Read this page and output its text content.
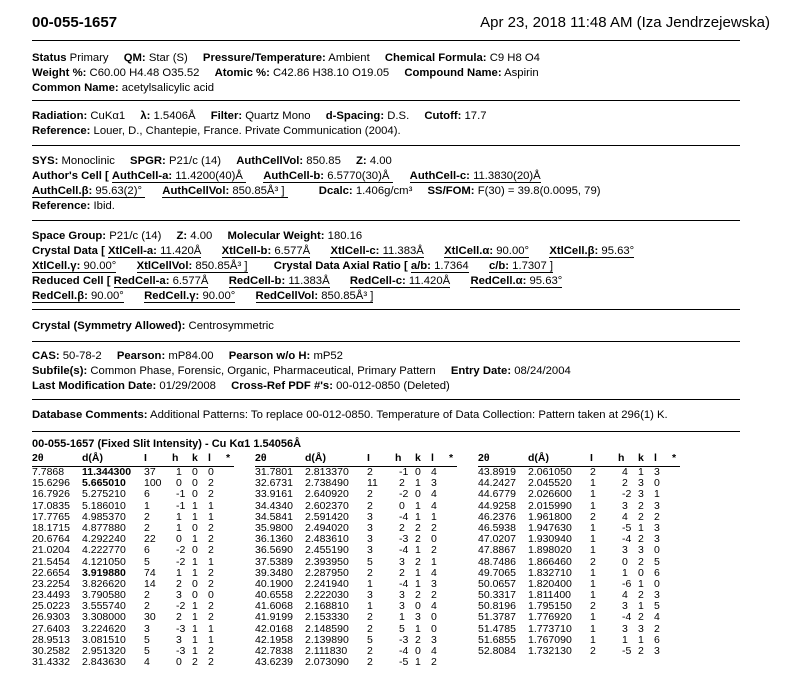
00-055-1657	Apr 23, 2018 11:48 AM (Iza Jendrzejewska)
Status Primary QM: Star (S) Pressure/Temperature: Ambient Chemical Formula: C9 H8 O4
Weight %: C60.00 H4.48 O35.52 Atomic %: C42.86 H38.10 O19.05 Compound Name: Aspirin
Common Name: acetylsalicylic acid
Radiation: CuKα1 λ: 1.5406Å Filter: Quartz Mono d-Spacing: D.S. Cutoff: 17.7
Reference: Louer, D., Chantepie, France. Private Communication (2004).
SYS: Monoclinic SPGR: P21/c (14) AuthCellVol: 850.85 Z: 4.00
Author's Cell [ AuthCell-a: 11.4200(40)Å AuthCell-b: 6.5770(30)Å AuthCell-c: 11.3830(20)Å
AuthCell.β: 95.63(2)° AuthCellVol: 850.85Å³ ]	Dcalc: 1.406g/cm³ SS/FOM: F(30) = 39.8(0.0095, 79)
Reference: Ibid.
Space Group: P21/c (14) Z: 4.00 Molecular Weight: 180.16
Crystal Data [ XtlCell-a: 11.420Å XtlCell-b: 6.577Å XtlCell-c: 11.383Å XtlCell.α: 90.00° XtlCell.β: 95.63°
XtlCell.γ: 90.00° XtlCellVol: 850.85Å³ ] Crystal Data Axial Ratio [ a/b: 1.7364 c/b: 1.7307 ]
Reduced Cell [ RedCell-a: 6.577Å RedCell-b: 11.383Å RedCell-c: 11.420Å RedCell.α: 95.63°
RedCell.β: 90.00° RedCell.γ: 90.00° RedCellVol: 850.85Å³ ]
Crystal (Symmetry Allowed): Centrosymmetric
CAS: 50-78-2 Pearson: mP84.00 Pearson w/o H: mP52
Subfile(s): Common Phase, Forensic, Organic, Pharmaceutical, Primary Pattern Entry Date: 08/24/2004
Last Modification Date: 01/29/2008 Cross-Ref PDF #'s: 00-012-0850 (Deleted)
Database Comments: Additional Patterns: To replace 00-012-0850. Temperature of Data Collection: Pattern taken at 296(1) K.
00-055-1657 (Fixed Slit Intensity) - Cu Kα1 1.54056Å
2θ	d(Å)	I h k l *
7.7868 11.344300 37 1 0 0
15.6296 5.665010 100 0 0 2
16.7926 5.275210 6 -1 0 2
17.0835 5.186010 1 -1 1 1
17.7765 4.985370 2 1 1 1
18.1715 4.877880 2 1 0 2
20.6764 4.292240 22 0 1 2
21.0204 4.222770 6 -2 0 2
21.5454 4.121050 5 -2 1 1
22.6654 3.919880 74 1 1 2
23.2254 3.826620 14 2 0 2
23.4493 3.790580 2 3 0 0
25.0223 3.555740 2 -2 1 2
26.9303 3.308000 30 2 1 2
27.6403 3.224620 3 -3 1 1
28.9513 3.081510 5 3 1 1
30.2582 2.951320 5 -3 1 2
31.4332 2.843630 4 0 2 2
2θ	d(Å)	I h k l *
31.7801 2.813370 2 -1 0 4
32.6731 2.738490 11 2 1 3
33.9161 2.640920 2 -2 0 4
34.4340 2.602370 2 0 1 4
34.5841 2.591420 3 -4 1 1
35.9800 2.494020 3 2 2 2
36.1360 2.483610 3 -3 2 0
36.5690 2.455190 3 -4 1 2
37.5389 2.393950 5 3 2 1
39.3480 2.287950 2 2 1 4
40.1900 2.241940 1 -4 1 3
40.6558 2.222030 3 3 2 2
41.6068 2.168810 1 3 0 4
41.9199 2.153330 2 1 3 0
42.0168 2.148590 2 5 1 0
42.1958 2.139890 5 -3 2 3
42.7838 2.111830 2 -4 0 4
43.6239 2.073090 2 -5 1 2
2θ	d(Å)	I h k l *
43.8919 2.061050 2 4 1 3
44.2427 2.045520 1 2 3 0
44.6779 2.026600 1 -2 3 1
44.9258 2.015990 1 3 2 3
46.2376 1.961800 2 4 2 2
46.5938 1.947630 1 -5 1 3
47.0207 1.930940 1 -4 2 3
47.8867 1.898020 1 3 3 0
48.7486 1.866460 2 0 2 5
49.7065 1.832710 1 1 0 6
50.0657 1.820400 1 -6 1 0
50.3317 1.811400 1 4 2 3
50.8196 1.795150 2 3 1 5
51.3787 1.776920 1 -4 2 4
51.4785 1.773710 1 3 3 2
51.6855 1.767090 1 1 1 6
52.8084 1.732130 2 -5 2 3
